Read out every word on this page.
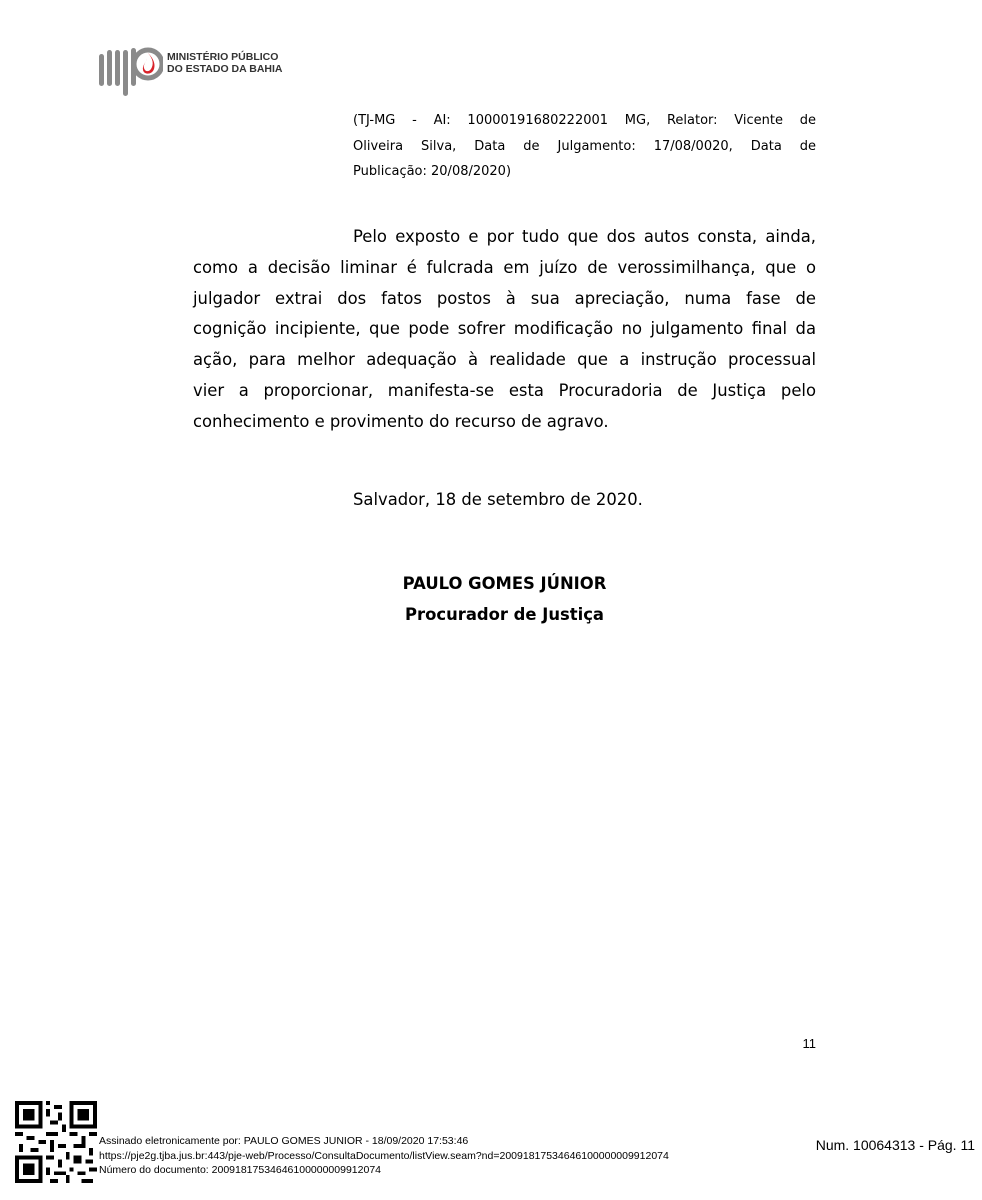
MINISTÉRIO PÚBLICO
DO ESTADO DA BAHIA
(TJ-MG - AI: 10000191680222001 MG, Relator: Vicente de
Oliveira Silva, Data de Julgamento: 17/08/0020, Data de
Publicação: 20/08/2020)
Pelo exposto e por tudo que dos autos consta, ainda,
como a decisão liminar é fulcrada em juízo de verossimilhança, que o
julgador extrai dos fatos postos à sua apreciação, numa fase de
cognição incipiente, que pode sofrer modificação no julgamento final da
ação, para melhor adequação à realidade que a instrução processual
vier a proporcionar, manifesta-se esta Procuradoria de Justiça pelo
conhecimento e provimento do recurso de agravo.
Salvador, 18 de setembro de 2020.
PAULO GOMES JÚNIOR
Procurador de Justiça
11
Assinado eletronicamente por: PAULO GOMES JUNIOR - 18/09/2020 17:53:46
https://pje2g.tjba.jus.br:443/pje-web/Processo/ConsultaDocumento/listView.seam?nd=20091817534646100000009912074
Número do documento: 20091817534646100000009912074
Num. 10064313 - Pág. 11
